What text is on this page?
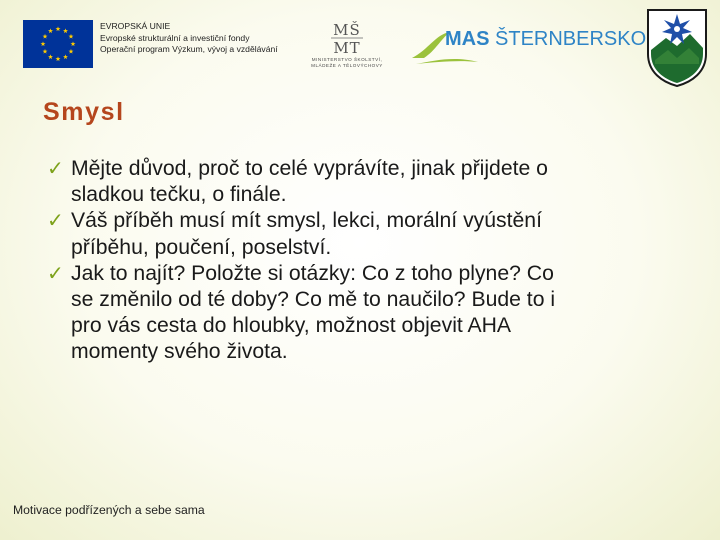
EVROPSKÁ UNIE
Evropské strukturální a investiční fondy
Operační program Výzkum, vývoj a vzdělávání
MŠ
MT
MINISTERSTVO ŠKOLSTVÍ,
MLÁDEŽE A TĚLOVÝCHOVY
MAS ŠTERNBERSKO
Smysl
✓ Mějte důvod, proč to celé vyprávíte, jinak přijdete o
sladkou tečku, o finále.
✓ Váš příběh musí mít smysl, lekci, morální vyústění
příběhu, poučení, poselství.
✓ Jak to najít? Položte si otázky: Co z toho plyne? Co
se změnilo od té doby? Co mě to naučilo? Bude to i
pro vás cesta do hloubky, možnost objevit AHA
momenty svého života.
Motivace podřízených a sebe sama
